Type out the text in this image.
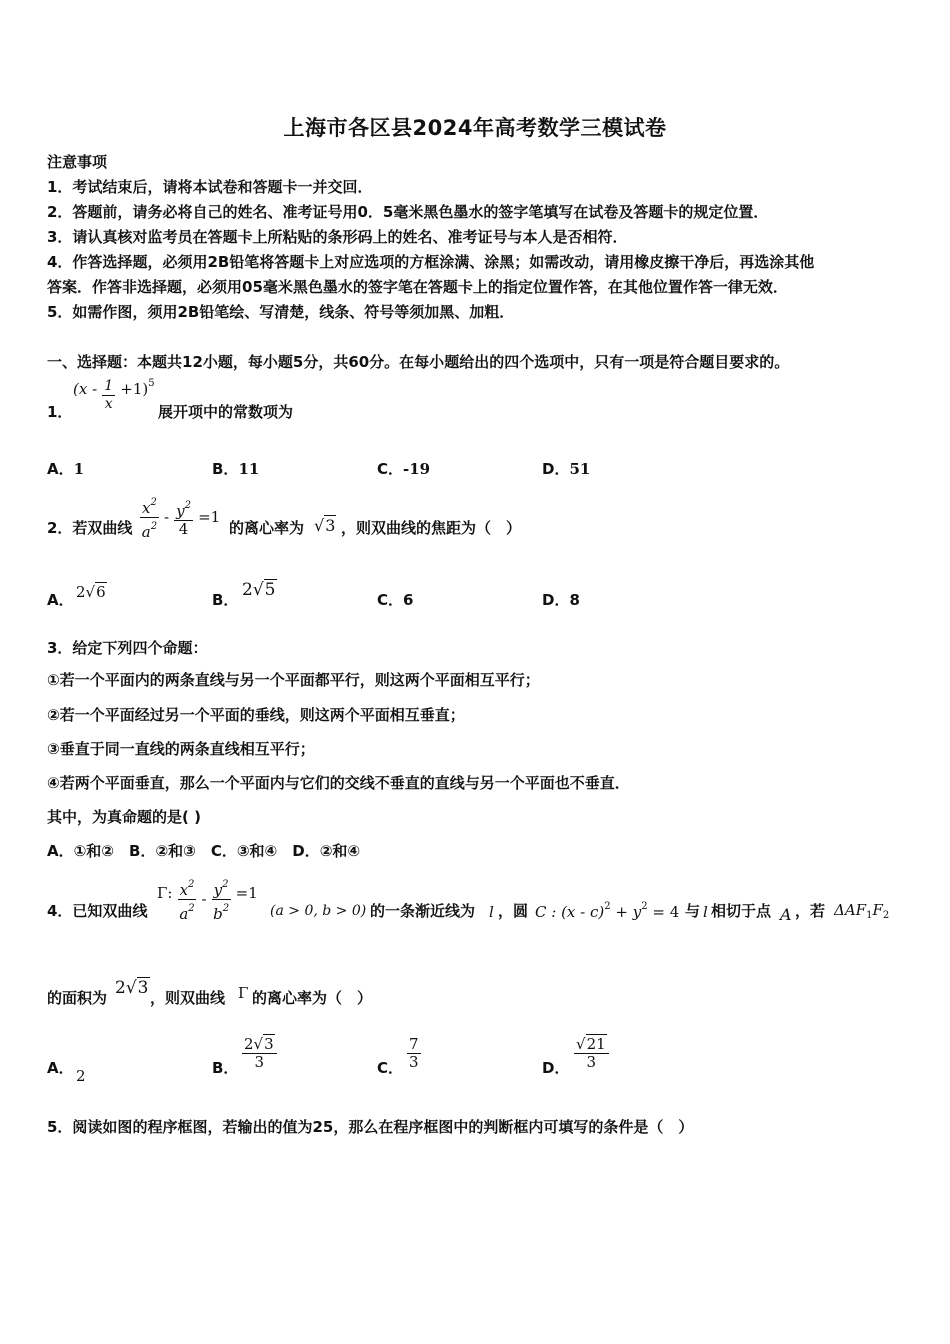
上海市各区县2024年高考数学三模试卷
注意事项
1．考试结束后，请将本试卷和答题卡一并交回．
2．答题前，请务必将自己的姓名、准考证号用0．5毫米黑色墨水的签字笔填写在试卷及答题卡的规定位置．
3．请认真核对监考员在答题卡上所粘贴的条形码上的姓名、准考证号与本人是否相符．
4．作答选择题，必须用2B铅笔将答题卡上对应选项的方框涂满、涂黑；如需改动，请用橡皮擦干净后，再选涂其他
答案．作答非选择题，必须用05毫米黑色墨水的签字笔在答题卡上的指定位置作答，在其他位置作答一律无效．
5．如需作图，须用2B铅笔绘、写清楚，线条、符号等须加黑、加粗．
一、选择题：本题共12小题，每小题5分，共60分。在每小题给出的四个选项中，只有一项是符合题目要求的。
1．
$(x - \frac{1}{x} +1)^5$
展开项中的常数项为
A．1	B．11	C．-19	D．51
2．若双曲线 $\frac{x^2}{a^2} - \frac{y^2}{4} =1$
的离心率为 √3 ，则双曲线的焦距为（　）
A． 2√6	B． 2√5	C．6	D．8
3．给定下列四个命题：
①若一个平面内的两条直线与另一个平面都平行，则这两个平面相互平行；
②若一个平面经过另一个平面的垂线，则这两个平面相互垂直；
③垂直于同一直线的两条直线相互平行；
④若两个平面垂直，那么一个平面内与它们的交线不垂直的直线与另一个平面也不垂直．
其中，为真命题的是( )
A．①和②　B．②和③　C．③和④　D．②和④
4．已知双曲线
Γ: $\frac{x^2}{a^2} - \frac{y^2}{b^2} =1$
(a > 0, b > 0) 的一条渐近线为 l ，圆 C : $(x - c)^2 + y^2 = 4$ 与 l 相切于点 A ，若 $\Delta AF_1F_2$
的面积为 2√3 ，则双曲线 Γ 的离心率为（　）
A． 2	B． $\frac{2√3}{3}$	C． $\frac{7}{3}$	D． $\frac{√21}{3}$
5．阅读如图的程序框图，若输出的值为25，那么在程序框图中的判断框内可填写的条件是（　）
